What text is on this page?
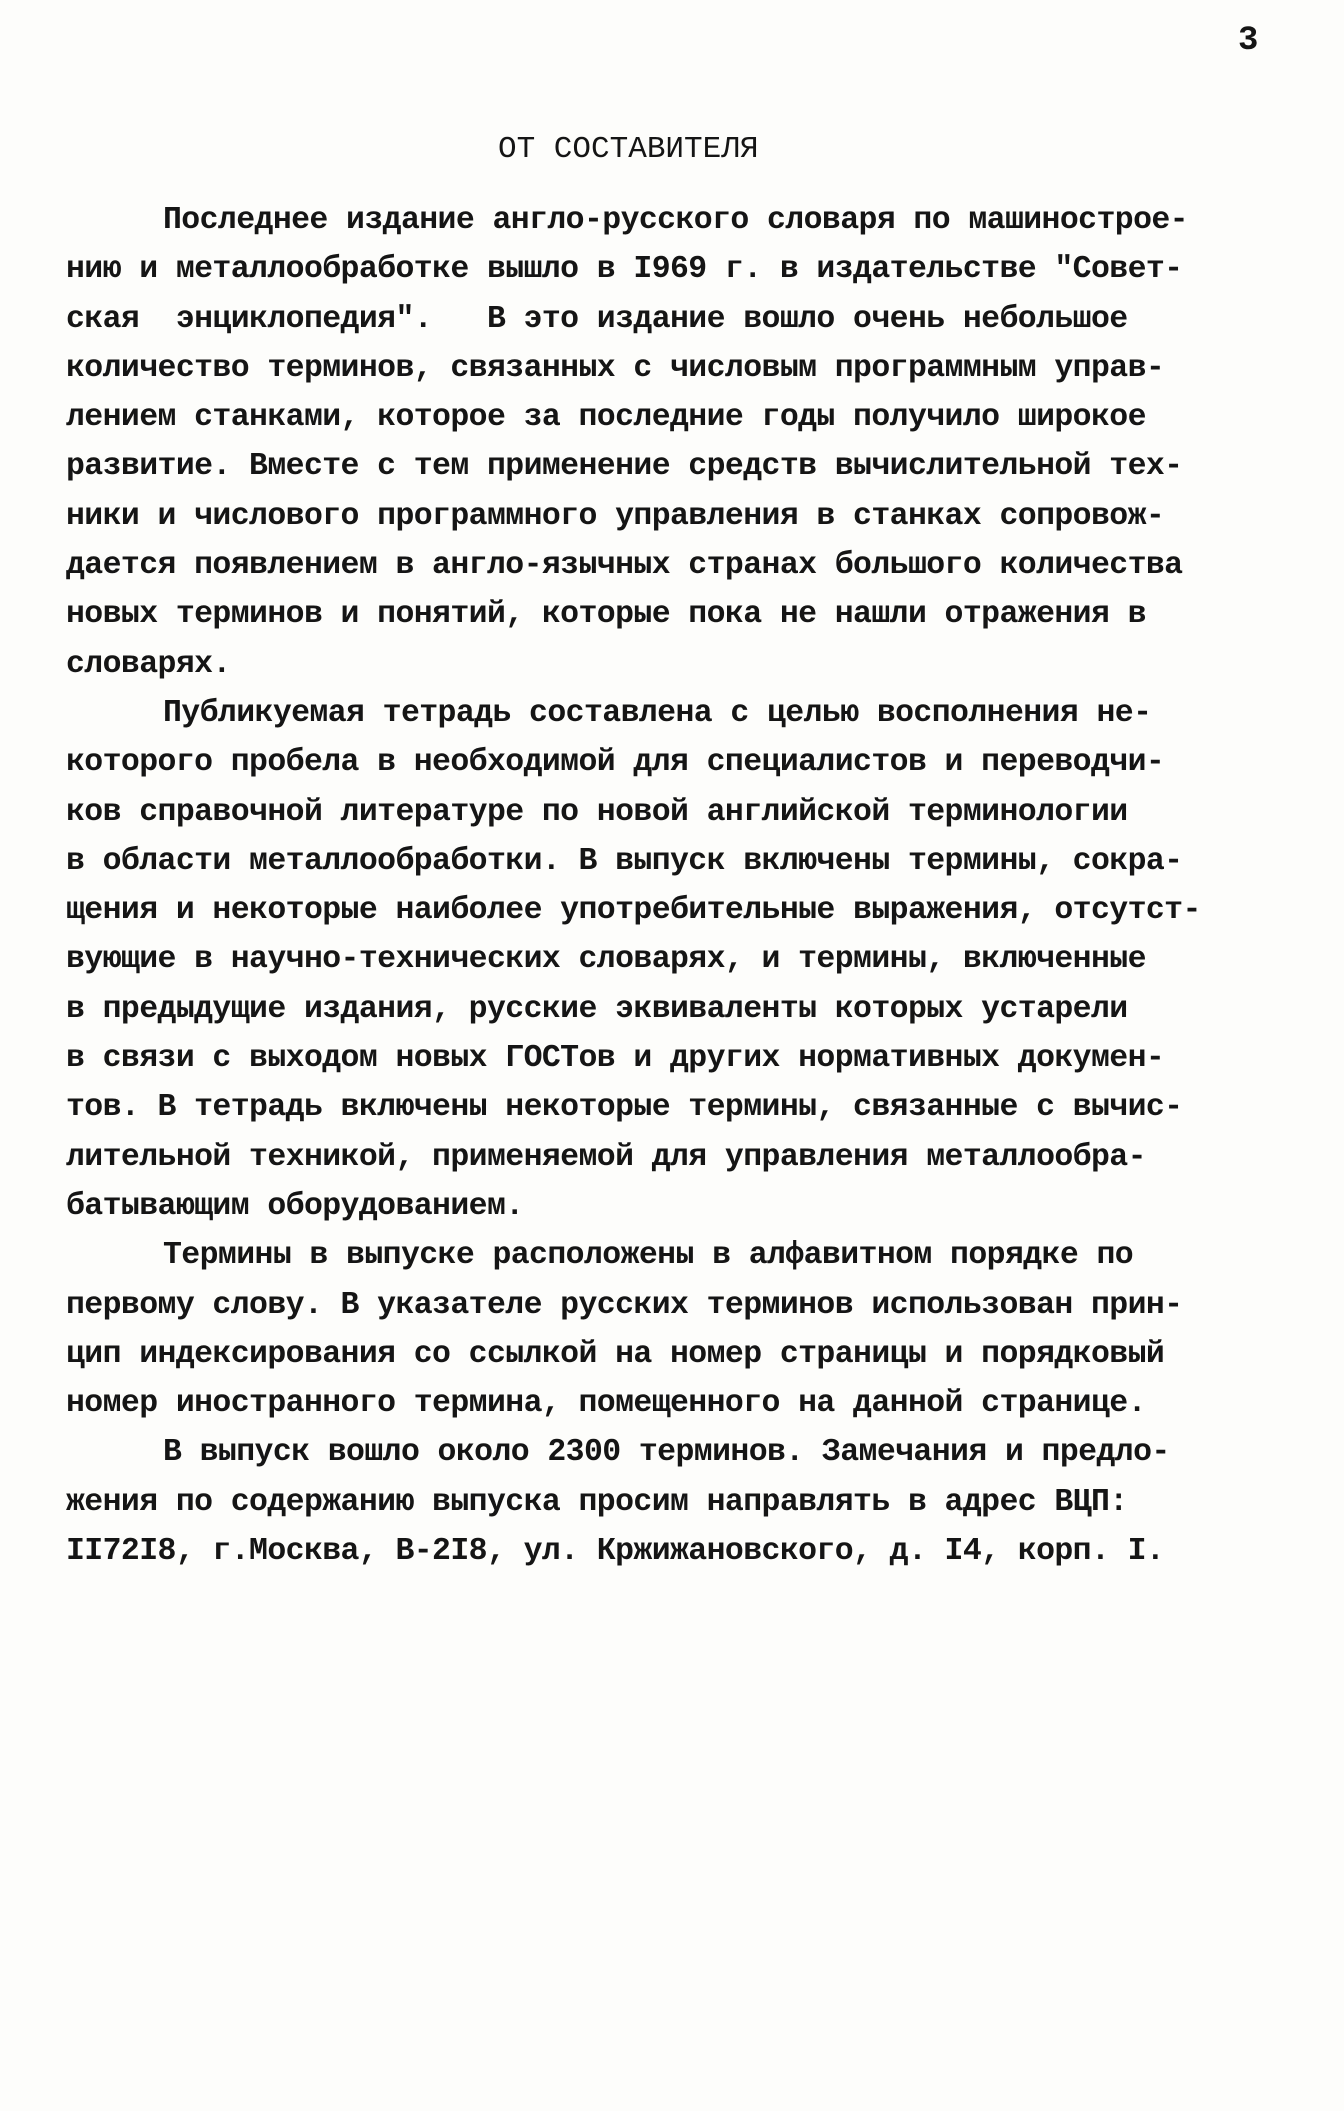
3
ОТ СОСТАВИТЕЛЯ
Последнее издание англо-русского словаря по машинострое-
нию и металлообработке вышло в I969 г. в издательстве "Совет-
ская  энциклопедия".   В это издание вошло очень небольшое
количество терминов, связанных с числовым программным управ-
лением станками, которое за последние годы получило широкое
развитие. Вместе с тем применение средств вычислительной тех-
ники и числового программного управления в станках сопровож-
дается появлением в англо-язычных странах большого количества
новых терминов и понятий, которые пока не нашли отражения в
словарях.
Публикуемая тетрадь составлена с целью восполнения не-
которого пробела в необходимой для специалистов и переводчи-
ков справочной литературе по новой английской терминологии
в области металлообработки. В выпуск включены термины, сокра-
щения и некоторые наиболее употребительные выражения, отсутст-
вующие в научно-технических словарях, и термины, включенные
в предыдущие издания, русские эквиваленты которых устарели
в связи с выходом новых ГОСТов и других нормативных докумен-
тов. В тетрадь включены некоторые термины, связанные с вычис-
лительной техникой, применяемой для управления металлообра-
батывающим оборудованием.
Термины в выпуске расположены в алфавитном порядке по
первому слову. В указателе русских терминов использован прин-
цип индексирования со ссылкой на номер страницы и порядковый
номер иностранного термина, помещенного на данной странице.
В выпуск вошло около 2300 терминов. Замечания и предло-
жения по содержанию выпуска просим направлять в адрес ВЦП:
II72I8, г.Москва, В-2I8, ул. Кржижановского, д. I4, корп. I.
